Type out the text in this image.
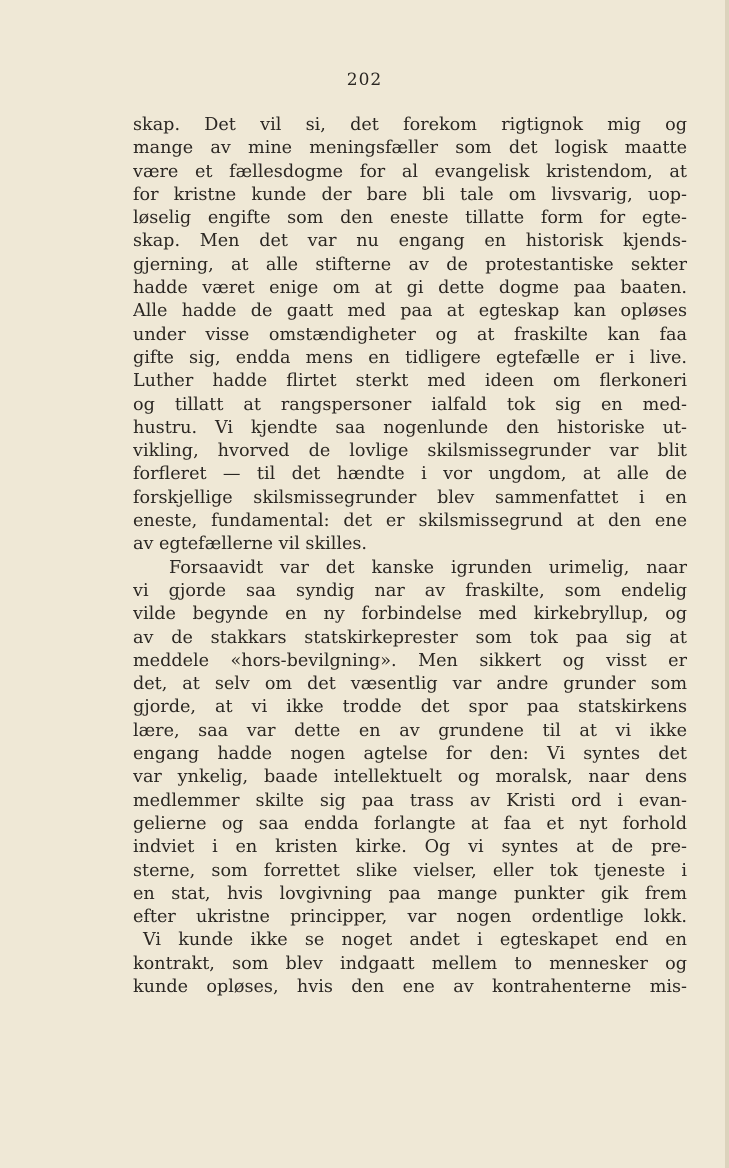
202
skap. Det vil si, det forekom rigtignok mig og
mange av mine meningsfæller som det logisk maatte
være et fællesdogme for al evangelisk kristendom, at
for kristne kunde der bare bli tale om livsvarig, uop-
løselig engifte som den eneste tillatte form for egte-
skap. Men det var nu engang en historisk kjends-
gjerning, at alle stifterne av de protestantiske sekter
hadde været enige om at gi dette dogme paa baaten.
Alle hadde de gaatt med paa at egteskap kan opløses
under visse omstændigheter og at fraskilte kan faa
gifte sig, endda mens en tidligere egtefælle er i live.
Luther hadde flirtet sterkt med ideen om flerkoneri
og tillatt at rangspersoner ialfald tok sig en med-
hustru. Vi kjendte saa nogenlunde den historiske ut-
vikling, hvorved de lovlige skilsmissegrunder var blit
forfleret — til det hændte i vor ungdom, at alle de
forskjellige skilsmissegrunder blev sammenfattet i en
eneste, fundamental: det er skilsmissegrund at den ene
av egtefællerne vil skilles.
Forsaavidt var det kanske igrunden urimelig, naar
vi gjorde saa syndig nar av fraskilte, som endelig
vilde begynde en ny forbindelse med kirkebryllup, og
av de stakkars statskirkeprester som tok paa sig at
meddele «hors-bevilgning». Men sikkert og visst er
det, at selv om det væsentlig var andre grunder som
gjorde, at vi ikke trodde det spor paa statskirkens
lære, saa var dette en av grundene til at vi ikke
engang hadde nogen agtelse for den: Vi syntes det
var ynkelig, baade intellektuelt og moralsk, naar dens
medlemmer skilte sig paa trass av Kristi ord i evan-
gelierne og saa endda forlangte at faa et nyt forhold
indviet i en kristen kirke. Og vi syntes at de pre-
sterne, som forrettet slike vielser, eller tok tjeneste i
en stat, hvis lovgivning paa mange punkter gik frem
efter ukristne principper, var nogen ordentlige lokk.
Vi kunde ikke se noget andet i egteskapet end en
kontrakt, som blev indgaatt mellem to mennesker og
kunde opløses, hvis den ene av kontrahenterne mis-
